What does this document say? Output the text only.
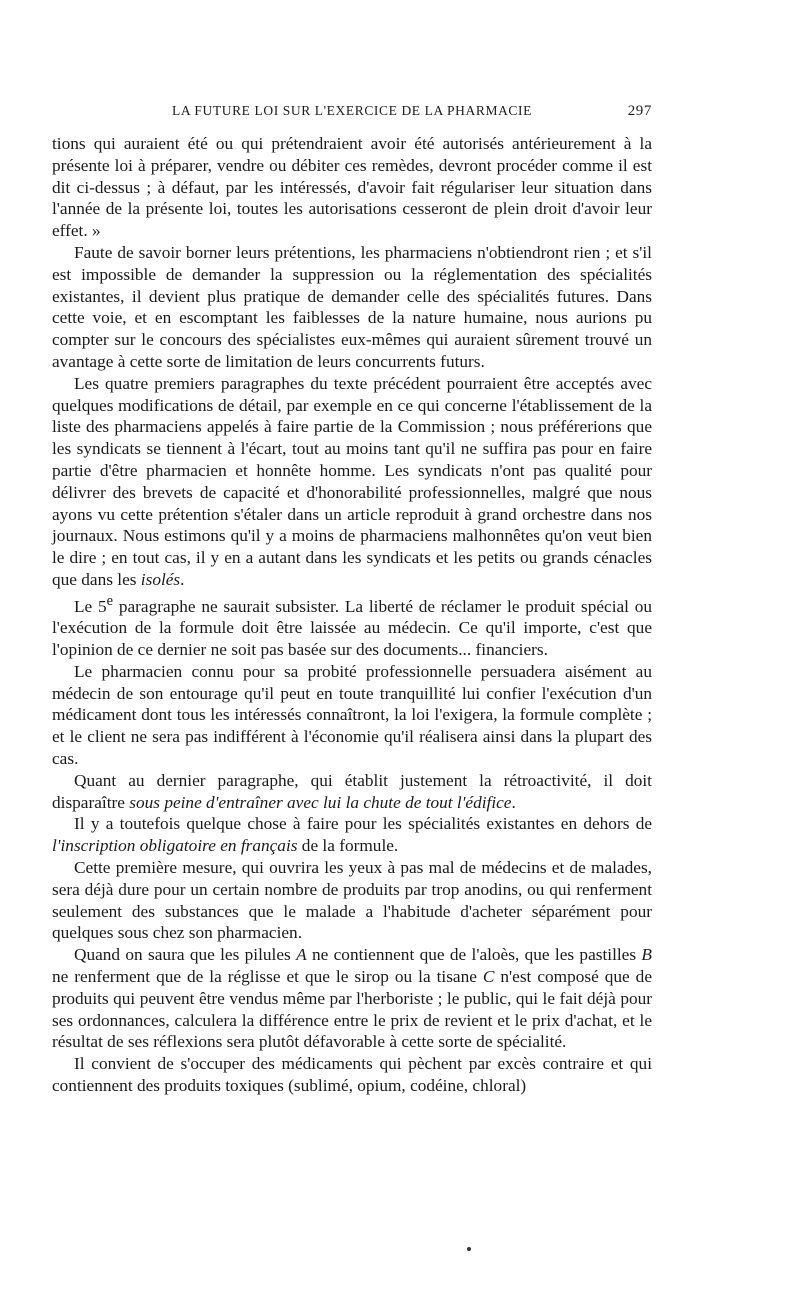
LA FUTURE LOI SUR L'EXERCICE DE LA PHARMACIE	297

tions qui auraient été ou qui prétendraient avoir été autorisés antérieurement à la présente loi à préparer, vendre ou débiter ces remèdes, devront procéder comme il est dit ci-dessus ; à défaut, par les intéressés, d'avoir fait régulariser leur situation dans l'année de la présente loi, toutes les autorisations cesseront de plein droit d'avoir leur effet. »

Faute de savoir borner leurs prétentions, les pharmaciens n'obtiendront rien ; et s'il est impossible de demander la suppression ou la réglementation des spécialités existantes, il devient plus pratique de demander celle des spécialités futures. Dans cette voie, et en escomptant les faiblesses de la nature humaine, nous aurions pu compter sur le concours des spécialistes eux-mêmes qui auraient sûrement trouvé un avantage à cette sorte de limitation de leurs concurrents futurs.

Les quatre premiers paragraphes du texte précédent pourraient être acceptés avec quelques modifications de détail, par exemple en ce qui concerne l'établissement de la liste des pharmaciens appelés à faire partie de la Commission ; nous préférerions que les syndicats se tiennent à l'écart, tout au moins tant qu'il ne suffira pas pour en faire partie d'être pharmacien et honnête homme. Les syndicats n'ont pas qualité pour délivrer des brevets de capacité et d'honorabilité professionnelles, malgré que nous ayons vu cette prétention s'étaler dans un article reproduit à grand orchestre dans nos journaux. Nous estimons qu'il y a moins de pharmaciens malhonnêtes qu'on veut bien le dire ; en tout cas, il y en a autant dans les syndicats et les petits ou grands cénacles que dans les isolés.

Le 5e paragraphe ne saurait subsister. La liberté de réclamer le produit spécial ou l'exécution de la formule doit être laissée au médecin. Ce qu'il importe, c'est que l'opinion de ce dernier ne soit pas basée sur des documents... financiers.

Le pharmacien connu pour sa probité professionnelle persuadera aisément au médecin de son entourage qu'il peut en toute tranquillité lui confier l'exécution d'un médicament dont tous les intéressés connaîtront, la loi l'exigera, la formule complète ; et le client ne sera pas indifférent à l'économie qu'il réalisera ainsi dans la plupart des cas.

Quant au dernier paragraphe, qui établit justement la rétroactivité, il doit disparaître sous peine d'entraîner avec lui la chute de tout l'édifice.

Il y a toutefois quelque chose à faire pour les spécialités existantes en dehors de l'inscription obligatoire en français de la formule.

Cette première mesure, qui ouvrira les yeux à pas mal de médecins et de malades, sera déjà dure pour un certain nombre de produits par trop anodins, ou qui renferment seulement des substances que le malade a l'habitude d'acheter séparément pour quelques sous chez son pharmacien.

Quand on saura que les pilules A ne contiennent que de l'aloès, que les pastilles B ne renferment que de la réglisse et que le sirop ou la tisane C n'est composé que de produits qui peuvent être vendus même par l'herboriste ; le public, qui le fait déjà pour ses ordonnances, calculera la différence entre le prix de revient et le prix d'achat, et le résultat de ses réflexions sera plutôt défavorable à cette sorte de spécialité.

Il convient de s'occuper des médicaments qui pèchent par excès contraire et qui contiennent des produits toxiques (sublimé, opium, codéine, chloral)
